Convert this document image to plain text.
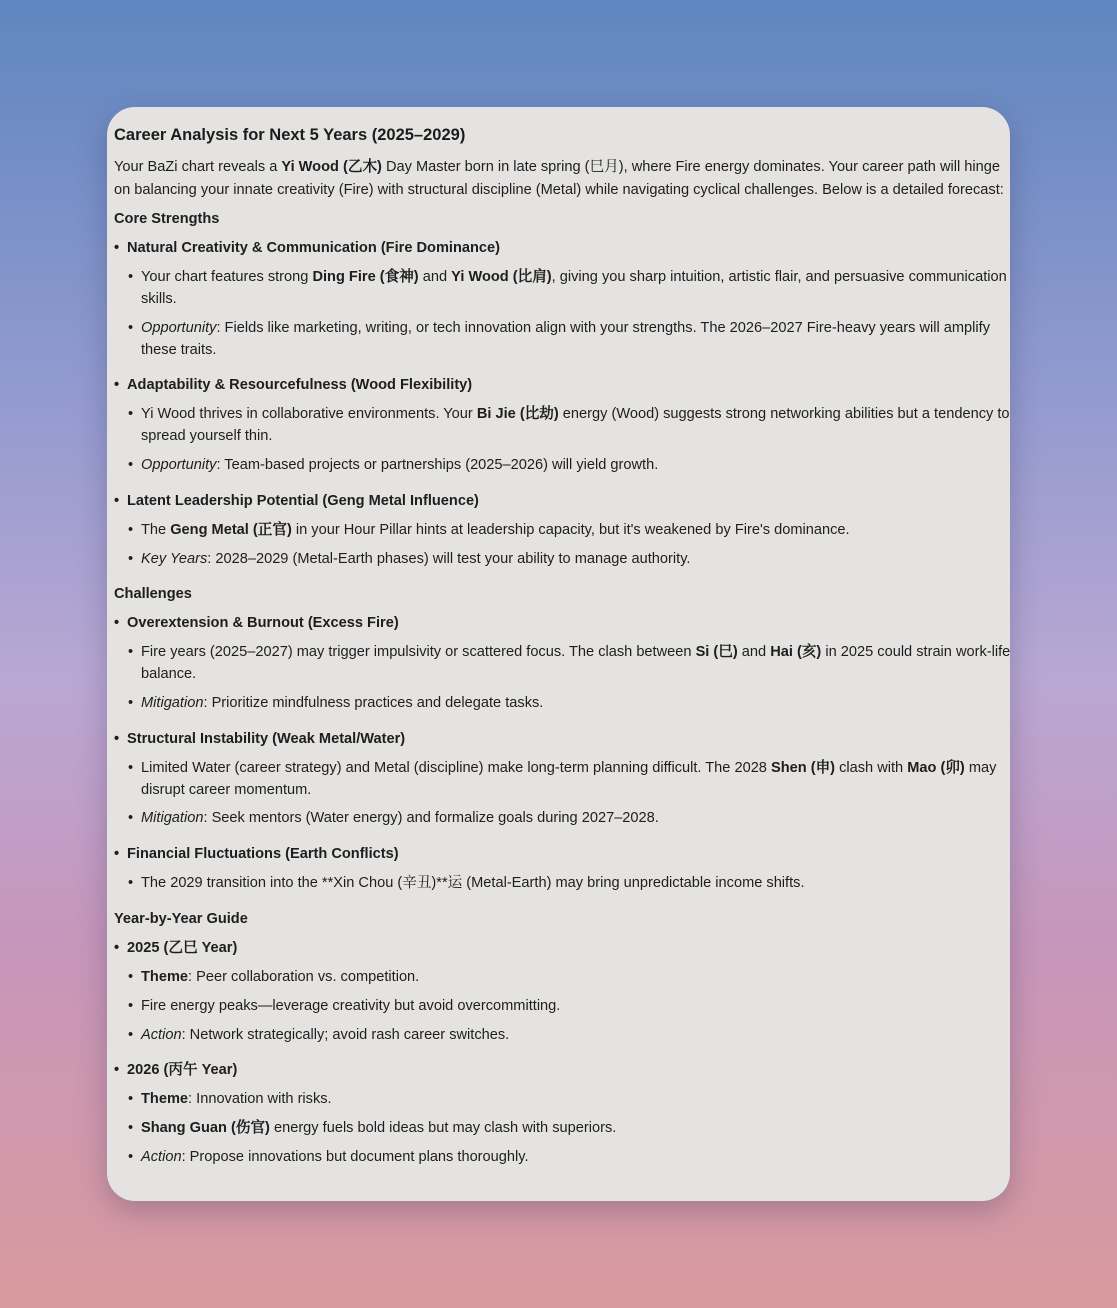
Career Analysis for Next 5 Years (2025–2029)

Your BaZi chart reveals a Yi Wood (乙木) Day Master born in late spring (巳月), where Fire energy dominates. Your career path will hinge on balancing your innate creativity (Fire) with structural discipline (Metal) while navigating cyclical challenges. Below is a detailed forecast:

Core Strengths
• Natural Creativity & Communication (Fire Dominance)
• Your chart features strong Ding Fire (食神) and Yi Wood (比肩), giving you sharp intuition, artistic flair, and persuasive communication skills.
• Opportunity: Fields like marketing, writing, or tech innovation align with your strengths. The 2026–2027 Fire-heavy years will amplify these traits.
• Adaptability & Resourcefulness (Wood Flexibility)
• Yi Wood thrives in collaborative environments. Your Bi Jie (比劫) energy (Wood) suggests strong networking abilities but a tendency to spread yourself thin.
• Opportunity: Team-based projects or partnerships (2025–2026) will yield growth.
• Latent Leadership Potential (Geng Metal Influence)
• The Geng Metal (正官) in your Hour Pillar hints at leadership capacity, but it's weakened by Fire's dominance.
• Key Years: 2028–2029 (Metal-Earth phases) will test your ability to manage authority.
Challenges
• Overextension & Burnout (Excess Fire)
• Fire years (2025–2027) may trigger impulsivity or scattered focus. The clash between Si (巳) and Hai (亥) in 2025 could strain work-life balance.
• Mitigation: Prioritize mindfulness practices and delegate tasks.
• Structural Instability (Weak Metal/Water)
• Limited Water (career strategy) and Metal (discipline) make long-term planning difficult. The 2028 Shen (申) clash with Mao (卯) may disrupt career momentum.
• Mitigation: Seek mentors (Water energy) and formalize goals during 2027–2028.
• Financial Fluctuations (Earth Conflicts)
• The 2029 transition into the **Xin Chou (辛丑)**运 (Metal-Earth) may bring unpredictable income shifts.
Year-by-Year Guide
• 2025 (乙巳 Year)
• Theme: Peer collaboration vs. competition.
• Fire energy peaks—leverage creativity but avoid overcommitting.
• Action: Network strategically; avoid rash career switches.
• 2026 (丙午 Year)
• Theme: Innovation with risks.
• Shang Guan (伤官) energy fuels bold ideas but may clash with superiors.
• Action: Propose innovations but document plans thoroughly.
